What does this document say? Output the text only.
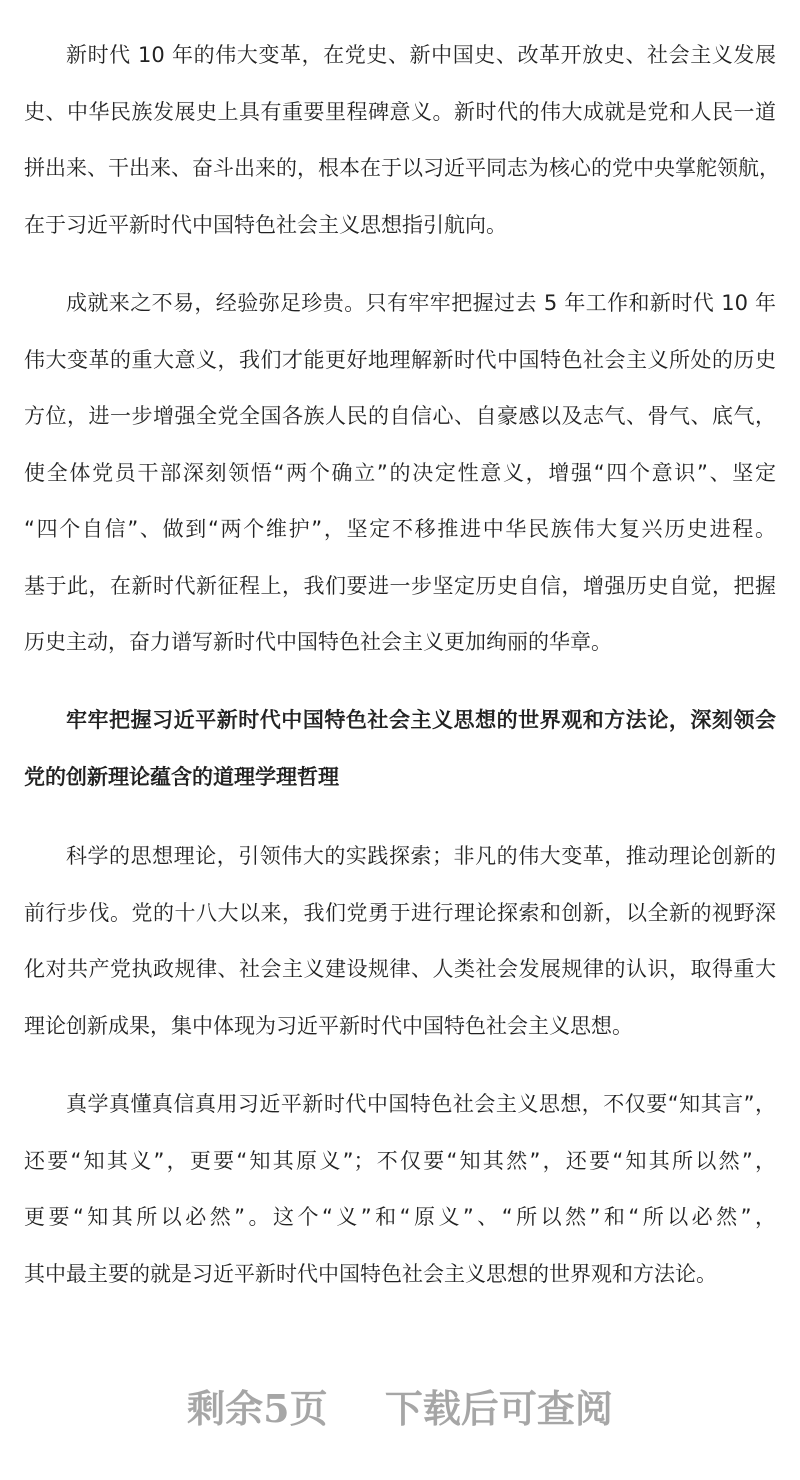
新时代 10 年的伟大变革，在党史、新中国史、改革开放史、社会主义发展
史、中华民族发展史上具有重要里程碑意义。新时代的伟大成就是党和人民一道
拼出来、干出来、奋斗出来的，根本在于以习近平同志为核心的党中央掌舵领航，
在于习近平新时代中国特色社会主义思想指引航向。
成就来之不易，经验弥足珍贵。只有牢牢把握过去 5 年工作和新时代 10 年
伟大变革的重大意义，我们才能更好地理解新时代中国特色社会主义所处的历史
方位，进一步增强全党全国各族人民的自信心、自豪感以及志气、骨气、底气，
使全体党员干部深刻领悟“两个确立”的决定性意义，增强“四个意识”、坚定
“四个自信”、做到“两个维护”，坚定不移推进中华民族伟大复兴历史进程。
基于此，在新时代新征程上，我们要进一步坚定历史自信，增强历史自觉，把握
历史主动，奋力谱写新时代中国特色社会主义更加绚丽的华章。
牢牢把握习近平新时代中国特色社会主义思想的世界观和方法论，深刻领会
党的创新理论蕴含的道理学理哲理
科学的思想理论，引领伟大的实践探索；非凡的伟大变革，推动理论创新的
前行步伐。党的十八大以来，我们党勇于进行理论探索和创新，以全新的视野深
化对共产党执政规律、社会主义建设规律、人类社会发展规律的认识，取得重大
理论创新成果，集中体现为习近平新时代中国特色社会主义思想。
真学真懂真信真用习近平新时代中国特色社会主义思想，不仅要“知其言”，
还要“知其义”，更要“知其原义”；不仅要“知其然”，还要“知其所以然”，
更要“知其所以必然”。这个“义”和“原义”、“所以然”和“所以必然”，
其中最主要的就是习近平新时代中国特色社会主义思想的世界观和方法论。
剩余5页 下载后可查阅
